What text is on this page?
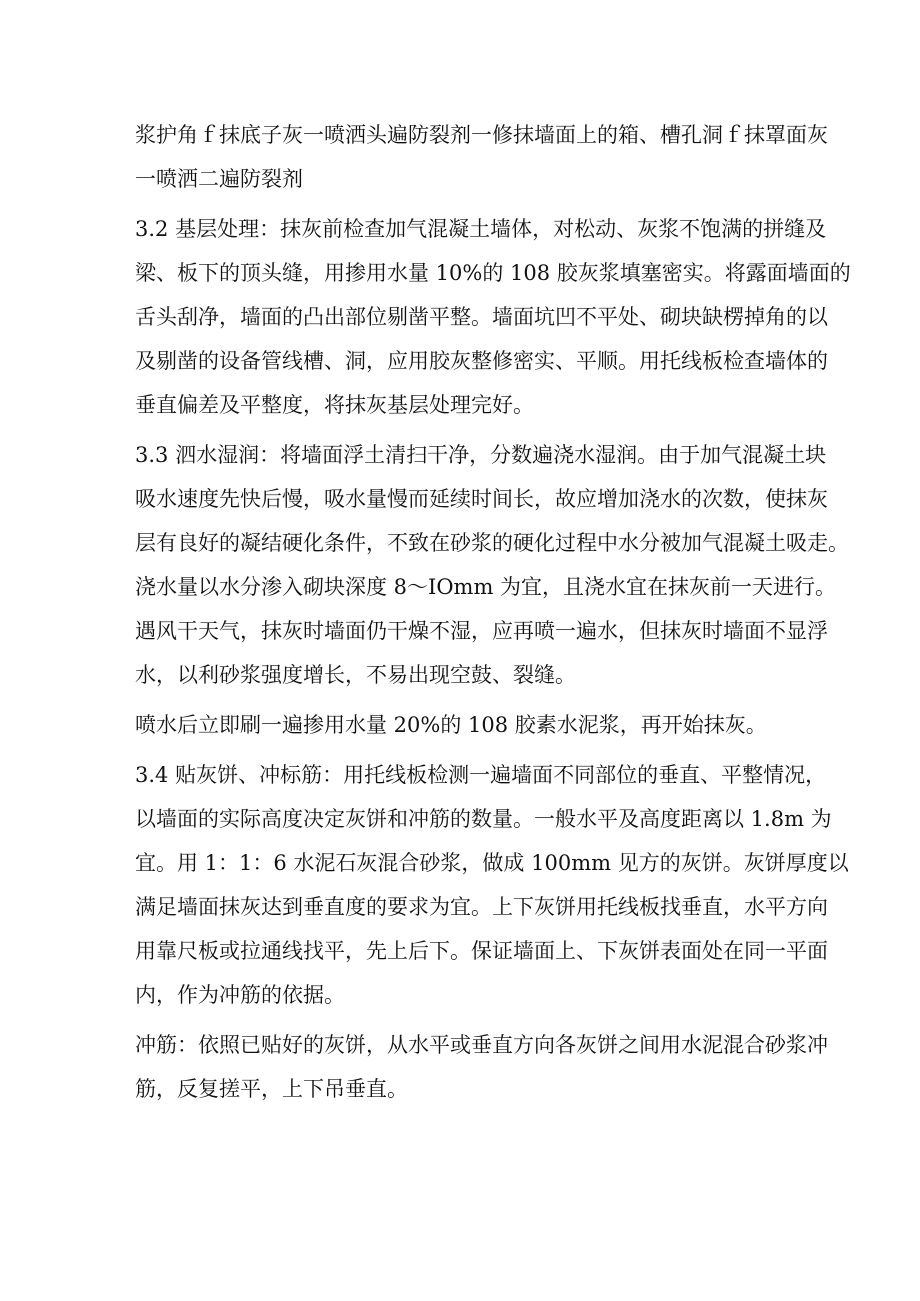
浆护角ｆ抹底子灰一喷洒头遍防裂剂一修抹墙面上的箱、槽孔洞ｆ抹罩面灰
一喷洒二遍防裂剂
3.2 基层处理：抹灰前检查加气混凝土墙体，对松动、灰浆不饱满的拼缝及
梁、板下的顶头缝，用掺用水量 10%的 108 胶灰浆填塞密实。将露面墙面的
舌头刮净，墙面的凸出部位剔凿平整。墙面坑凹不平处、砌块缺楞掉角的以
及剔凿的设备管线槽、洞，应用胶灰整修密实、平顺。用托线板检查墙体的
垂直偏差及平整度，将抹灰基层处理完好。
3.3 泗水湿润：将墙面浮土清扫干净，分数遍浇水湿润。由于加气混凝土块
吸水速度先快后慢，吸水量慢而延续时间长，故应增加浇水的次数，使抹灰
层有良好的凝结硬化条件，不致在砂浆的硬化过程中水分被加气混凝土吸走。
浇水量以水分渗入砌块深度 8～IOmm 为宜，且浇水宜在抹灰前一天进行。
遇风干天气，抹灰时墙面仍干燥不湿，应再喷一遍水，但抹灰时墙面不显浮
水，以利砂浆强度增长，不易出现空鼓、裂缝。
喷水后立即刷一遍掺用水量 20%的 108 胶素水泥浆，再开始抹灰。
3.4 贴灰饼、冲标筋：用托线板检测一遍墙面不同部位的垂直、平整情况，
以墙面的实际高度决定灰饼和冲筋的数量。一般水平及高度距离以 1.8m 为
宜。用 1：1：6 水泥石灰混合砂浆，做成 100mm 见方的灰饼。灰饼厚度以
满足墙面抹灰达到垂直度的要求为宜。上下灰饼用托线板找垂直，水平方向
用靠尺板或拉通线找平，先上后下。保证墙面上、下灰饼表面处在同一平面
内，作为冲筋的依据。
冲筋：依照已贴好的灰饼，从水平或垂直方向各灰饼之间用水泥混合砂浆冲
筋，反复搓平，上下吊垂直。
